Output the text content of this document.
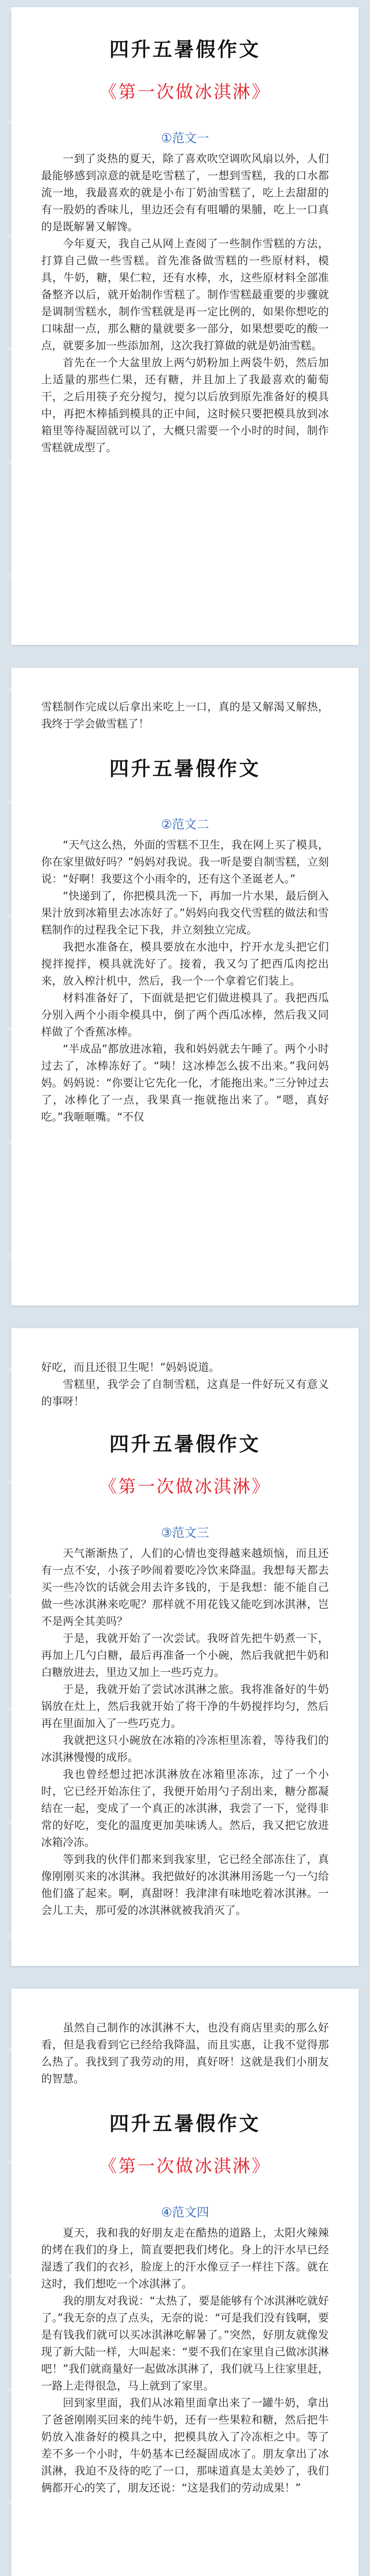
四升五暑假作文
《第一次做冰淇淋》
①范文一

一到了炎热的夏天，除了喜欢吹空调吹风扇以外，人们最能够感到凉意的就是吃雪糕了，一想到雪糕，我的口水都流一地，我最喜欢的就是小布丁奶油雪糕了，吃上去甜甜的有一股奶的香味儿，里边还会有有咀嚼的果脯，吃上一口真的是既解暑又解馋。

今年夏天，我自己从网上查阅了一些制作雪糕的方法，打算自己做一些雪糕。首先准备做雪糕的一些原材料，模具，牛奶，糖，果仁粒，还有水棒，水，这些原材料全部准备整齐以后，就开始制作雪糕了。制作雪糕最重要的步骤就是调制雪糕水，制作雪糕就是再一定比例的，如果你想吃的口味甜一点，那么糖的量就要多一部分，如果想要吃的酸一点，就要多加一些添加剂，这次我打算做的就是奶油雪糕。

首先在一个大盆里放上两勺奶粉加上两袋牛奶，然后加上适量的那些仁果，还有糖，并且加上了我最喜欢的葡萄干，之后用筷子充分搅匀，搅匀以后放到原先准备好的模具中，再把木棒插到模具的正中间，这时候只要把模具放到冰箱里等待凝固就可以了，大概只需要一个小时的时间，制作雪糕就成型了。

雪糕制作完成以后拿出来吃上一口，真的是又解渴又解热，我终于学会做雪糕了！

四升五暑假作文
②范文二

“天气这么热，外面的雪糕不卫生，我在网上买了模具，你在家里做好吗？”妈妈对我说。我一听是要自制雪糕，立刻说：“好啊！我要这个小雨伞的，还有这个圣诞老人。”

“快递到了，你把模具洗一下，再加一片水果，最后倒入果汁放到冰箱里去冰冻好了。”妈妈向我交代雪糕的做法和雪糕制作的过程我全记下我，并立刻独立完成。

我把水准备在，模具要放在水池中，拧开水龙头把它们搅拌搅拌，模具就洗好了。接着，我又匀了把西瓜肉挖出来，放入榨汁机中，然后，我一个一个拿着它们装上。

材料准备好了，下面就是把它们做进模具了。我把西瓜分别入两个小雨伞模具中，倒了两个西瓜冰棒，然后我又同样做了个香蕉冰棒。

“半成品”都放进冰箱，我和妈妈就去午睡了。两个小时过去了，冰棒冻好了。“咦！这冰棒怎么拔不出来。”我问妈妈。妈妈说：“你要让它先化一化，才能拖出来。”三分钟过去了，冰棒化了一点，我果真一拖就拖出来了。“嗯，真好吃。”我咂咂嘴。“不仅

好吃，而且还很卫生呢！”妈妈说道。

雪糕里，我学会了自制雪糕，这真是一件好玩又有意义的事呀！

四升五暑假作文
《第一次做冰淇淋》
③范文三

天气渐渐热了，人们的心情也变得越来越烦恼，而且还有一点不安，小孩子吵闹着要吃冷饮来降温。我想每天都去买一些冷饮的话就会用去许多钱的，于是我想：能不能自己做一些冰淇淋来吃呢？那样就不用花钱又能吃到冰淇淋，岂不是两全其美吗？

于是，我就开始了一次尝试。我呀首先把牛奶煮一下，再加上几勺白糖，最后再准备一个小碗，然后我就把牛奶和白糖放进去，里边又加上一些巧克力。

于是，我就开始了尝试冰淇淋之旅。我将准备好的牛奶锅放在灶上，然后我就开始了将干净的牛奶搅拌均匀，然后再在里面加入了一些巧克力。

我就把这只小碗放在冰箱的冷冻柜里冻着，等待我们的冰淇淋慢慢的成形。

我也曾经想过把冰淇淋放在冰箱里冻冻，过了一个小时，它已经开始冻住了，我便开始用勺子刮出来，糖分都凝结在一起，变成了一个真正的冰淇淋，我尝了一下，觉得非常的好吃，变化的温度更加美味诱人。然后，我又把它放进冰箱冷冻。

等到我的伙伴们都来到我家里，它已经全部冻住了，真像刚刚买来的冰淇淋。我把做好的冰淇淋用汤匙一勺一勺给他们盛了起来。啊，真甜呀！我津津有味地吃着冰淇淋。一会儿工夫，那可爱的冰淇淋就被我消灭了。

虽然自己制作的冰淇淋不大，也没有商店里卖的那么好看，但是我看到它已经给我降温，而且实惠，让我不觉得那么热了。我找到了我劳动的用，真好呀！这就是我们小朋友的智慧。

四升五暑假作文
《第一次做冰淇淋》
④范文四

夏天，我和我的好朋友走在酷热的道路上，太阳火辣辣的烤在我们的身上，简直要把我们烤化。身上的汗水早已经湿透了我们的衣衫，脸庞上的汗水像豆子一样往下落。就在这时，我们想吃一个冰淇淋了。

我的朋友对我说：“太热了，要是能够有个冰淇淋吃就好了。”我无奈的点了点头，无奈的说：“可是我们没有钱啊，要是有钱我们就可以买冰淇淋吃解暑了。”突然，好朋友就像发现了新大陆一样，大叫起来：“要不我们在家里自己做冰淇淋吧！”我们就商量好一起做冰淇淋了，我们就马上往家里赶，一路上走得很急，马上就到了家里。

回到家里面，我们从冰箱里面拿出来了一罐牛奶，拿出了爸爸刚刚买回来的纯牛奶，还有一些果粒和糖，然后把牛奶放入准备好的模具之中，把模具放入了冷冻柜之中。等了差不多一个小时，牛奶基本已经凝固成冰了。朋友拿出了冰淇淋，我迫不及待的吃了一口，那味道真是太美妙了，我们俩都开心的笑了，朋友还说：“这是我们的劳动成果！”
